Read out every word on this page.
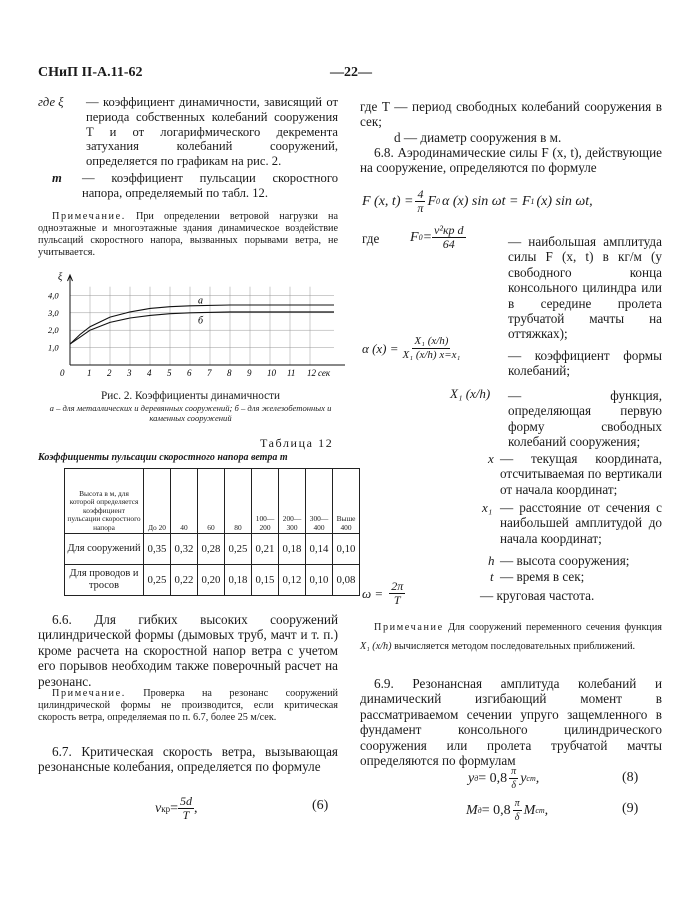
СНиП II-А.11-62	—22—
где ξ	— коэффициент динамичности, зависящий от периода собственных колебаний сооружения T и от логарифмического декремента затухания колебаний сооружений, определяется по графикам на рис. 2.
m	— коэффициент пульсации скоростного напора, определяемый по табл. 12.
Примечание. При определении ветровой нагрузки на одноэтажные и многоэтажные здания динамическое воздействие пульсаций скоростного напора, вызванных порывами ветра, не учитывается.
ξ
0	1 2 3 4 5 6 7 8 9 10 11 12 сек
1,0
2,0
3,0
4,0
а
б
Рис. 2. Коэффициенты динамичности
а – для металлических и деревянных сооружений; б – для железобетонных и каменных сооружений
Таблица 12
Коэффициенты пульсации скоростного напора ветра m
Высота в м, для которой определяется коэффициент пульсации скоростного напора	До 20	40	60	80	100—200	200—300	300—400	Выше 400
Для сооружений	0,35	0,32	0,28	0,25	0,21	0,18	0,14	0,10
Для проводов и тросов	0,25	0,22	0,20	0,18	0,15	0,12	0,10	0,08
6.6. Для гибких высоких сооружений цилиндрической формы (дымовых труб, мачт и т. п.) кроме расчета на скоростной напор ветра с учетом его порывов необходим также поверочный расчет на резонанс.
Примечание. Проверка на резонанс сооружений цилиндрической формы не производится, если критическая скорость ветра, определяемая по п. 6.7, более 25 м/сек.
6.7. Критическая скорость ветра, вызывающая резонансные колебания, определяется по формуле
v кр = $\frac{5d}{T}$ ,	(6)
где T — период свободных колебаний сооружения в сек;
d — диаметр сооружения в м.
6.8. Аэродинамические силы F (x, t), действующие на сооружение, определяются по формуле
F (x, $t) = \frac{4}{\pi}$ F 0 α (x) sin ωt = F 1 (x) sin ωt,
где F $0 = \frac{\text{v²кр d}}{64}$	— наибольшая амплитуда силы F (x, t) в кг/м (у свободного конца консольного цилиндра или в середине пролета трубчатой мачты на оттяжках);
α $(x) = \frac{\text{X₁ (x/h)}}{\text{X₁ (x/h) x=x₁}}$	— коэффициент формы колебаний;
X₁ (x/h) — функция, определяющая первую форму свободных колебаний сооружения;
x — текущая координата, отсчитываемая по вертикали от начала координат;
x₁ — расстояние от сечения с наибольшей амплитудой до начала координат;
h — высота сооружения;
t — время в сек;
$\omega = \frac{2\pi}{T}$	— круговая частота.
Примечание Для сооружений переменного сечения функция X₁ (x/h) вычисляется методом последовательных приближений.
6.9. Резонансная амплитуда колебаний и динамический изгибающий момент в рассматриваемом сечении упруго защемленного в фундамент консольного цилиндрического сооружения или пролета трубчатой мачты определяются по формулам
y $д = 0,8 \frac{\pi}{\delta}$ y ст ,	(8)
M $д = 0,8 \frac{\pi}{\delta}$ M ст ,	(9)
